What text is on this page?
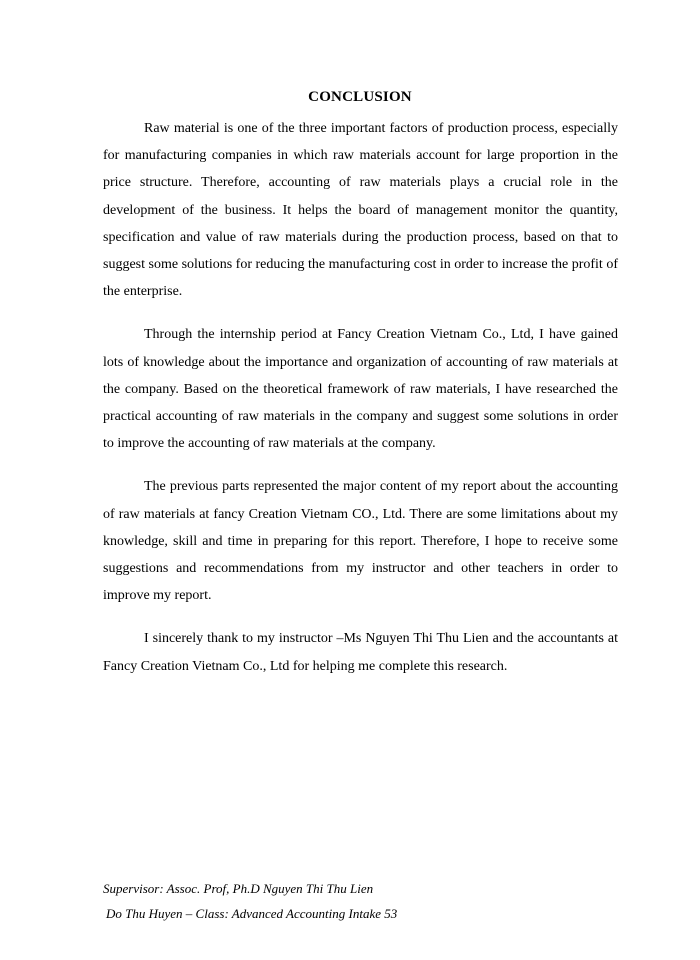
CONCLUSION

Raw material is one of the three important factors of production process, especially for manufacturing companies in which raw materials account for large proportion in the price structure. Therefore, accounting of raw materials plays a crucial role in the development of the business. It helps the board of management monitor the quantity, specification and value of raw materials during the production process, based on that to suggest some solutions for reducing the manufacturing cost in order to increase the profit of the enterprise.

Through the internship period at Fancy Creation Vietnam Co., Ltd, I have gained lots of knowledge about the importance and organization of accounting of raw materials at the company. Based on the theoretical framework of raw materials, I have researched the practical accounting of raw materials in the company and suggest some solutions in order to improve the accounting of raw materials at the company.

The previous parts represented the major content of my report about the accounting of raw materials at fancy Creation Vietnam CO., Ltd. There are some limitations about my knowledge, skill and time in preparing for this report. Therefore, I hope to receive some suggestions and recommendations from my instructor and other teachers in order to improve my report.

I sincerely thank to my instructor –Ms Nguyen Thi Thu Lien and the accountants at Fancy Creation Vietnam Co., Ltd for helping me complete this research.

Supervisor: Assoc. Prof, Ph.D Nguyen Thi Thu Lien
Do Thu Huyen – Class: Advanced Accounting Intake 53
